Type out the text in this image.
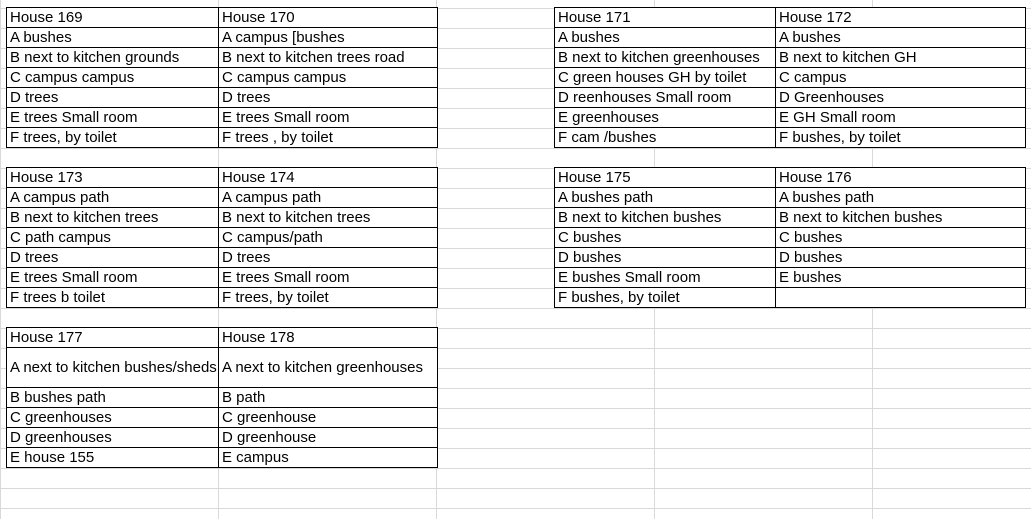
House 169	House 170
A bushes	A campus [bushes
B next to kitchen grounds	B next to kitchen trees road
C campus campus	C campus campus
D trees	D trees
E trees Small room	E trees Small room
F trees, by toilet	F trees , by toilet
House 171	House 172
A bushes	A bushes
B next to kitchen greenhouses	B next to kitchen GH
C green houses GH by toilet	C campus
D reenhouses Small room	D Greenhouses
E greenhouses	E GH Small room
F cam /bushes	F bushes, by toilet
House 173	House 174
A campus path	A campus path
B next to kitchen trees	B next to kitchen trees
C path campus	C campus/path
D trees	D trees
E trees Small room	E trees Small room
F trees b toilet	F trees, by toilet
House 175	House 176
A bushes path	A bushes path
B next to kitchen bushes	B next to kitchen bushes
C bushes	C bushes
D bushes	D bushes
E bushes Small room	E bushes
F bushes, by toilet	
House 177	House 178
A next to kitchen bushes/sheds	A next to kitchen greenhouses
B bushes path	B path
C greenhouses	C greenhouse
D greenhouses	D greenhouse
E house 155	E campus
